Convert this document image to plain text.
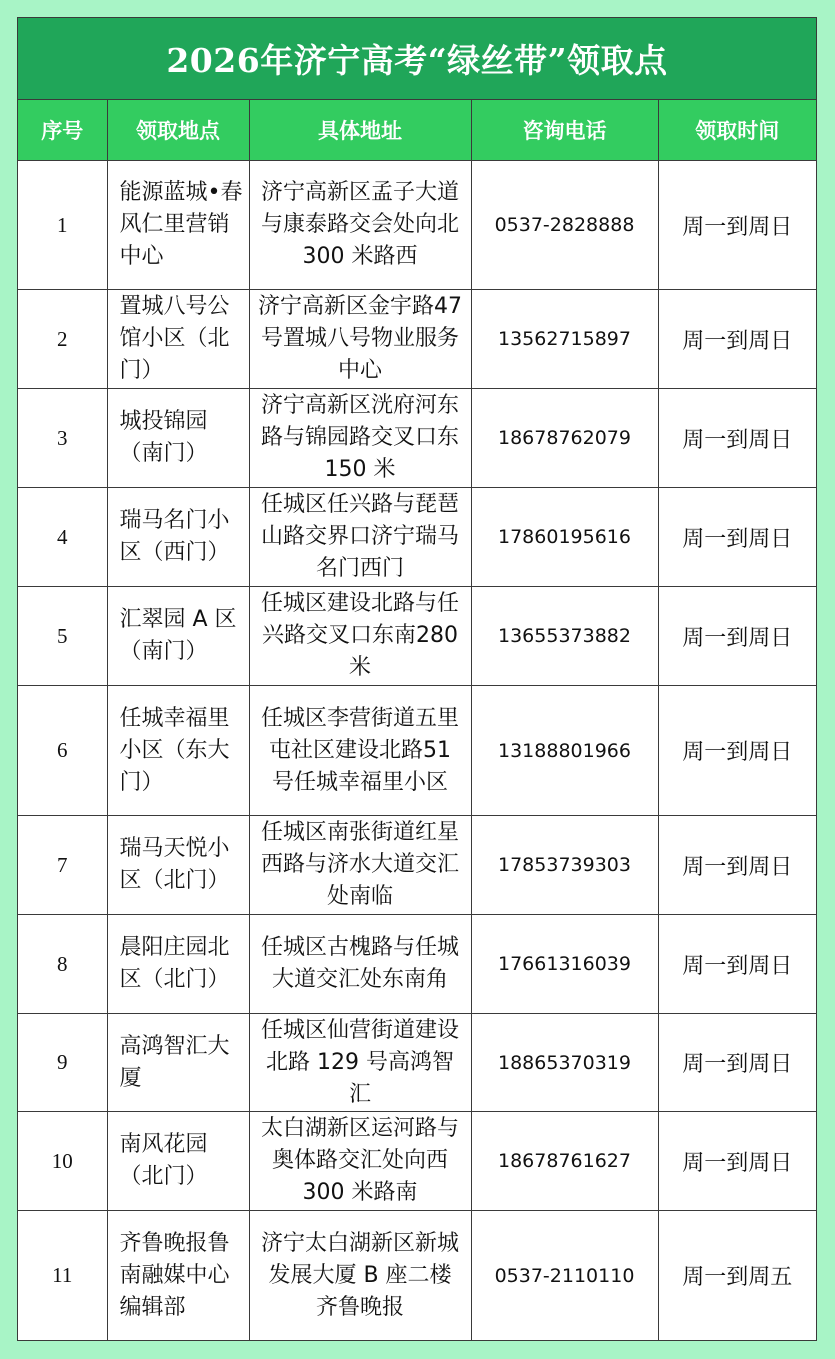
2026年济宁高考“绿丝带”领取点
序号	领取地点	具体地址	咨询电话	领取时间
1	能源蓝城•春风仁里营销中心	济宁高新区孟子大道与康泰路交会处向北 300 米路西	0537-2828888	周一到周日
2	置城八号公馆小区（北门）	济宁高新区金宇路47 号置城八号物业服务中心	13562715897	周一到周日
3	城投锦园（南门）	济宁高新区洸府河东路与锦园路交叉口东 150 米	18678762079	周一到周日
4	瑞马名门小区（西门）	任城区任兴路与琵琶山路交界口济宁瑞马名门西门	17860195616	周一到周日
5	汇翠园 A 区（南门）	任城区建设北路与任兴路交叉口东南280 米	13655373882	周一到周日
6	任城幸福里小区（东大门）	任城区李营街道五里屯社区建设北路51 号任城幸福里小区	13188801966	周一到周日
7	瑞马天悦小区（北门）	任城区南张街道红星西路与济水大道交汇处南临	17853739303	周一到周日
8	晨阳庄园北区（北门）	任城区古槐路与任城大道交汇处东南角	17661316039	周一到周日
9	高鸿智汇大厦	任城区仙营街道建设北路 129 号高鸿智汇	18865370319	周一到周日
10	南风花园（北门）	太白湖新区运河路与奥体路交汇处向西 300 米路南	18678761627	周一到周日
11	齐鲁晚报鲁南融媒中心编辑部	济宁太白湖新区新城发展大厦 B 座二楼齐鲁晚报	0537-2110110	周一到周五
